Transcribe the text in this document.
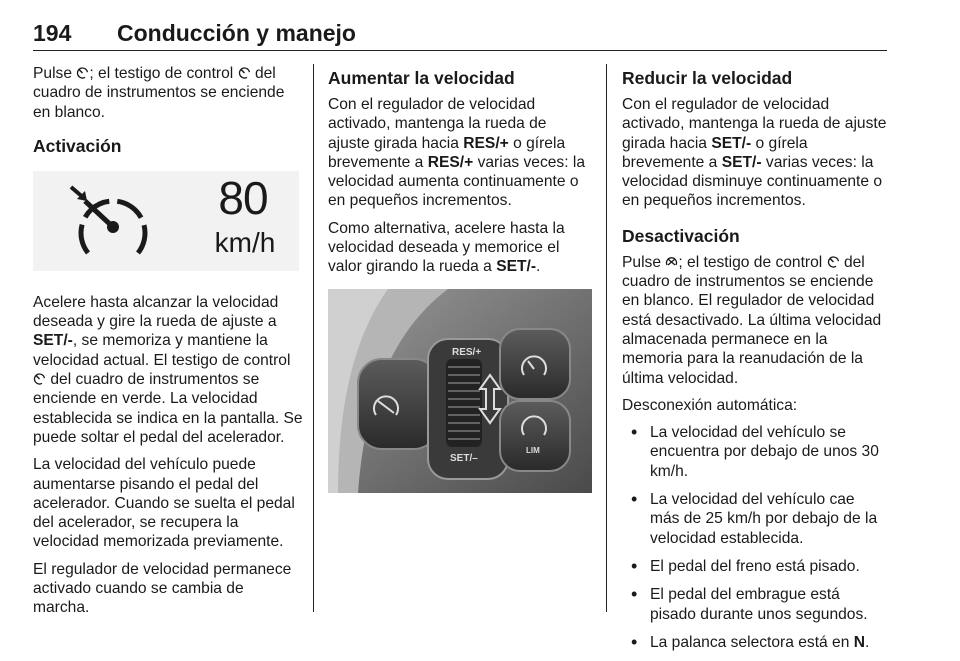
194 Conducción y manejo

Pulse ; el testigo de control del cuadro de instrumentos se enciende en blanco.

Activación
80
km/h

Acelere hasta alcanzar la velocidad deseada y gire la rueda de ajuste a SET/-, se memoriza y mantiene la velocidad actual. El testigo de control
del cuadro de instrumentos se enciende en verde. La velocidad establecida se indica en la pantalla. Se puede soltar el pedal del acelerador.

La velocidad del vehículo puede aumentarse pisando el pedal del acelerador. Cuando se suelta el pedal del acelerador, se recupera la velocidad memorizada previamente.

El regulador de velocidad permanece activado cuando se cambia de marcha.

Aumentar la velocidad

Con el regulador de velocidad activado, mantenga la rueda de ajuste girada hacia RES/+ o gírela brevemente a RES/+ varias veces: la velocidad aumenta continuamente o en pequeños incrementos.

Como alternativa, acelere hasta la velocidad deseada y memorice el valor girando la rueda a SET/-.

RES/+
SET/–
LIM
Reducir la velocidad

Con el regulador de velocidad activado, mantenga la rueda de ajuste girada hacia SET/- o gírela brevemente a SET/- varias veces: la velocidad disminuye continuamente o en pequeños incrementos.

Desactivación

Pulse ; el testigo de control del cuadro de instrumentos se enciende en blanco. El regulador de velocidad está desactivado. La última velocidad almacenada permanece en la memoria para la reanudación de la última velocidad.

Desconexión automática:

• La velocidad del vehículo se encuentra por debajo de unos 30 km/h.
• La velocidad del vehículo cae más de 25 km/h por debajo de la velocidad establecida.
• El pedal del freno está pisado.
• El pedal del embrague está pisado durante unos segundos.
• La palanca selectora está en N.
